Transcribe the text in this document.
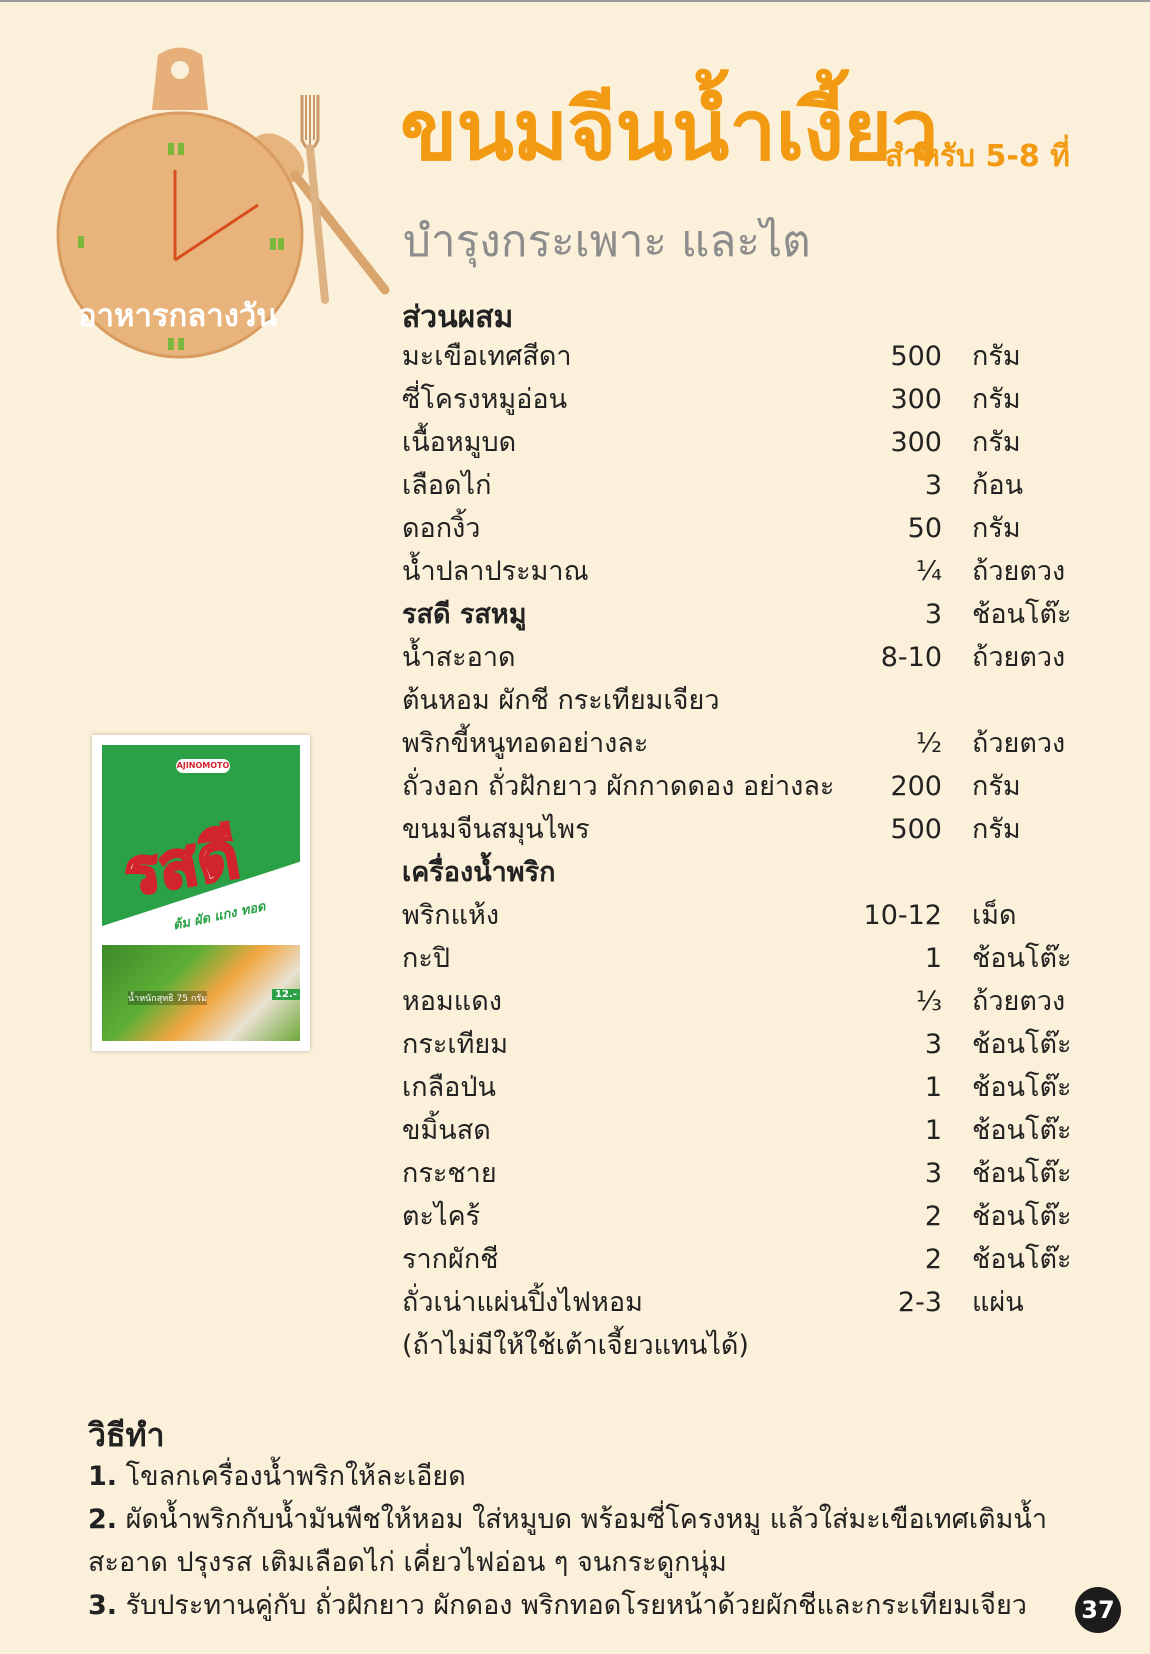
อาหารกลางวัน
AJINOMOTO
รสดี
ต้ม ผัด แกง ทอด
น้ำหนักสุทธิ 75 กรัม	12.-
ขนมจีนน้ำเงี้ยว
สำหรับ 5-8 ที่
บำรุงกระเพาะ และไต
ส่วนผสม
มะเขือเทศสีดา	500 กรัม
ซี่โครงหมูอ่อน	300 กรัม
เนื้อหมูบด	300 กรัม
เลือดไก่	3 ก้อน
ดอกงิ้ว	50 กรัม
น้ำปลาประมาณ	¼ ถ้วยตวง
รสดี รสหมู	3 ช้อนโต๊ะ
น้ำสะอาด	8-10 ถ้วยตวง
ต้นหอม ผักชี กระเทียมเจียว
พริกขี้หนูทอดอย่างละ	½ ถ้วยตวง
ถั่วงอก ถั่วฝักยาว ผักกาดดอง อย่างละ 200 กรัม
ขนมจีนสมุนไพร	500 กรัม
เครื่องน้ำพริก
พริกแห้ง	10-12 เม็ด
กะปิ	1 ช้อนโต๊ะ
หอมแดง	⅓ ถ้วยตวง
กระเทียม	3 ช้อนโต๊ะ
เกลือป่น	1 ช้อนโต๊ะ
ขมิ้นสด	1 ช้อนโต๊ะ
กระชาย	3 ช้อนโต๊ะ
ตะไคร้	2 ช้อนโต๊ะ
รากผักชี	2 ช้อนโต๊ะ
ถั่วเน่าแผ่นปิ้งไฟหอม	2-3 แผ่น
(ถ้าไม่มีให้ใช้เต้าเจี้ยวแทนได้)
วิธีทำ
1. โขลกเครื่องน้ำพริกให้ละเอียด
2. ผัดน้ำพริกกับน้ำมันพืชให้หอม ใส่หมูบด พร้อมซี่โครงหมู แล้วใส่มะเขือเทศเติมน้ำสะอาด ปรุงรส เติมเลือดไก่ เคี่ยวไฟอ่อน ๆ จนกระดูกนุ่ม
3. รับประทานคู่กับ ถั่วฝักยาว ผักดอง พริกทอดโรยหน้าด้วยผักชีและกระเทียมเจียว	37
